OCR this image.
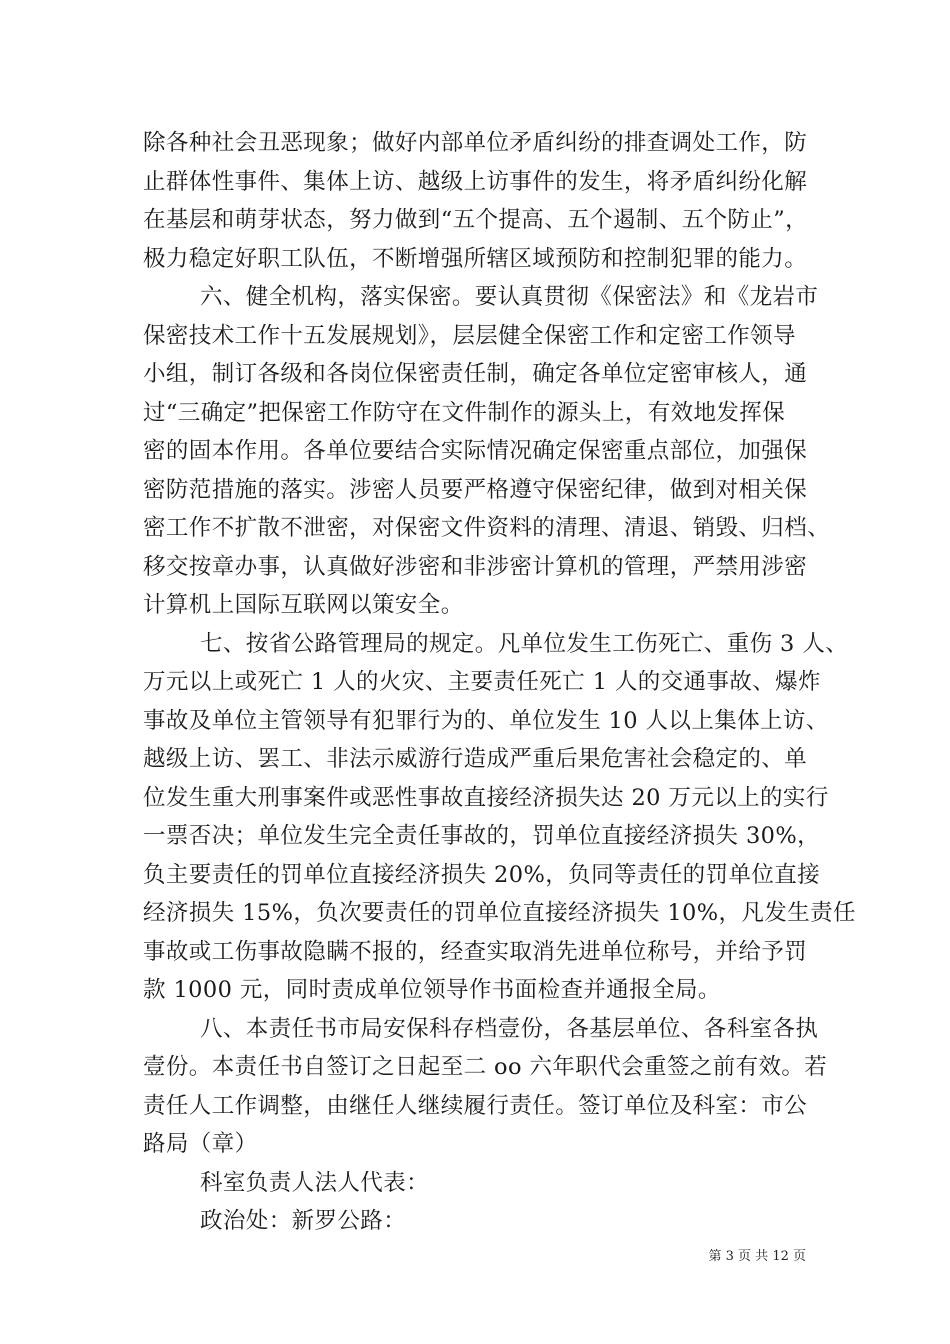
除各种社会丑恶现象；做好内部单位矛盾纠纷的排查调处工作，防
止群体性事件、集体上访、越级上访事件的发生，将矛盾纠纷化解
在基层和萌芽状态，努力做到“五个提高、五个遏制、五个防止”，
极力稳定好职工队伍，不断增强所辖区域预防和控制犯罪的能力。
六、健全机构，落实保密。要认真贯彻《保密法》和《龙岩市
保密技术工作十五发展规划》，层层健全保密工作和定密工作领导
小组，制订各级和各岗位保密责任制，确定各单位定密审核人，通
过“三确定”把保密工作防守在文件制作的源头上，有效地发挥保
密的固本作用。各单位要结合实际情况确定保密重点部位，加强保
密防范措施的落实。涉密人员要严格遵守保密纪律，做到对相关保
密工作不扩散不泄密，对保密文件资料的清理、清退、销毁、归档、
移交按章办事，认真做好涉密和非涉密计算机的管理，严禁用涉密
计算机上国际互联网以策安全。
七、按省公路管理局的规定。凡单位发生工伤死亡、重伤 3 人、
万元以上或死亡 1 人的火灾、主要责任死亡 1 人的交通事故、爆炸
事故及单位主管领导有犯罪行为的、单位发生 10 人以上集体上访、
越级上访、罢工、非法示威游行造成严重后果危害社会稳定的、单
位发生重大刑事案件或恶性事故直接经济损失达 20 万元以上的实行
一票否决；单位发生完全责任事故的，罚单位直接经济损失 30%，
负主要责任的罚单位直接经济损失 20%，负同等责任的罚单位直接
经济损失 15%，负次要责任的罚单位直接经济损失 10%，凡发生责任
事故或工伤事故隐瞒不报的，经查实取消先进单位称号，并给予罚
款 1000 元，同时责成单位领导作书面检查并通报全局。
八、本责任书市局安保科存档壹份，各基层单位、各科室各执
壹份。本责任书自签订之日起至二 oo 六年职代会重签之前有效。若
责任人工作调整，由继任人继续履行责任。签订单位及科室：市公
路局（章）
科室负责人法人代表：
政治处：新罗公路：
第 3 页 共 12 页
